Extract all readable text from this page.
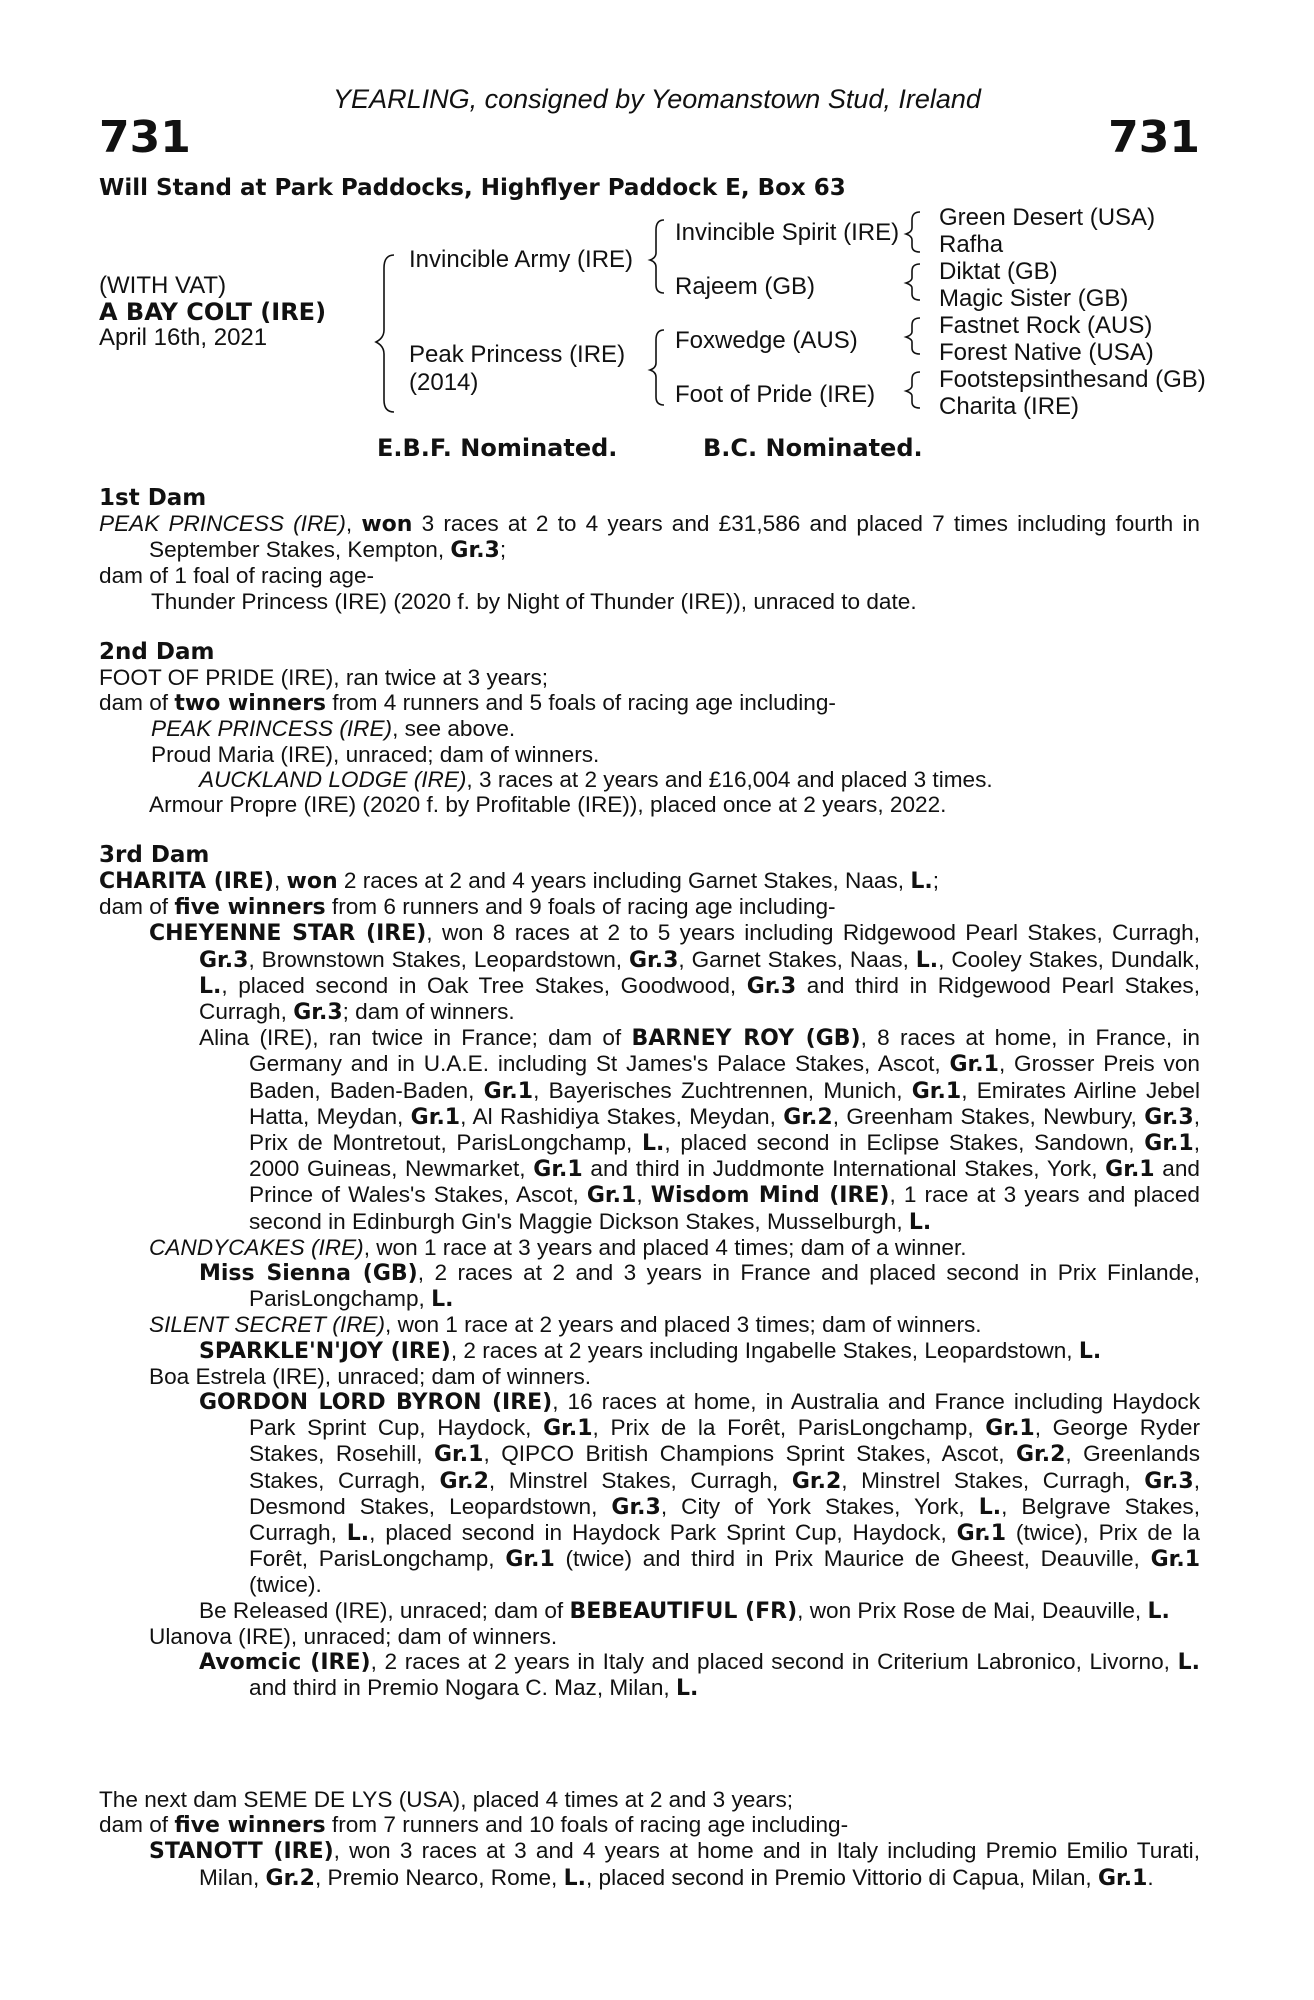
YEARLING, consigned by Yeomanstown Stud, Ireland
731	731
Will Stand at Park Paddocks, Highflyer Paddock E, Box 63
(WITH VAT)
A BAY COLT (IRE)
April 16th, 2021
Invincible Army (IRE)
Peak Princess (IRE)
(2014)
Invincible Spirit (IRE)
Rajeem (GB)
Foxwedge (AUS)
Foot of Pride (IRE)
Green Desert (USA)
Rafha
Diktat (GB)
Magic Sister (GB)
Fastnet Rock (AUS)
Forest Native (USA)
Footstepsinthesand (GB)
Charita (IRE)
E.B.F. Nominated.	B.C. Nominated.
1st Dam

PEAK PRINCESS (IRE), won 3 races at 2 to 4 years and £31,586 and placed 7 times including fourth in September Stakes, Kempton, Gr.3;

dam of 1 foal of racing age-

Thunder Princess (IRE) (2020 f. by Night of Thunder (IRE)), unraced to date.

2nd Dam

FOOT OF PRIDE (IRE), ran twice at 3 years;

dam of two winners from 4 runners and 5 foals of racing age including-

PEAK PRINCESS (IRE), see above.

Proud Maria (IRE), unraced; dam of winners.

AUCKLAND LODGE (IRE), 3 races at 2 years and £16,004 and placed 3 times.

Armour Propre (IRE) (2020 f. by Profitable (IRE)), placed once at 2 years, 2022.

3rd Dam

CHARITA (IRE), won 2 races at 2 and 4 years including Garnet Stakes, Naas, L.;

dam of five winners from 6 runners and 9 foals of racing age including-

CHEYENNE STAR (IRE), won 8 races at 2 to 5 years including Ridgewood Pearl Stakes, Curragh, Gr.3, Brownstown Stakes, Leopardstown, Gr.3, Garnet Stakes, Naas, L., Cooley Stakes, Dundalk, L., placed second in Oak Tree Stakes, Goodwood, Gr.3 and third in Ridgewood Pearl Stakes, Curragh, Gr.3; dam of winners.

Alina (IRE), ran twice in France; dam of BARNEY ROY (GB), 8 races at home, in France, in Germany and in U.A.E. including St James's Palace Stakes, Ascot, Gr.1, Grosser Preis von Baden, Baden-Baden, Gr.1, Bayerisches Zuchtrennen, Munich, Gr.1, Emirates Airline Jebel Hatta, Meydan, Gr.1, Al Rashidiya Stakes, Meydan, Gr.2, Greenham Stakes, Newbury, Gr.3, Prix de Montretout, ParisLongchamp, L., placed second in Eclipse Stakes, Sandown, Gr.1, 2000 Guineas, Newmarket, Gr.1 and third in Juddmonte International Stakes, York, Gr.1 and Prince of Wales's Stakes, Ascot, Gr.1, Wisdom Mind (IRE), 1 race at 3 years and placed second in Edinburgh Gin's Maggie Dickson Stakes, Musselburgh, L.

CANDYCAKES (IRE), won 1 race at 3 years and placed 4 times; dam of a winner.

Miss Sienna (GB), 2 races at 2 and 3 years in France and placed second in Prix Finlande, ParisLongchamp, L.

SILENT SECRET (IRE), won 1 race at 2 years and placed 3 times; dam of winners.

SPARKLE'N'JOY (IRE), 2 races at 2 years including Ingabelle Stakes, Leopardstown, L.

Boa Estrela (IRE), unraced; dam of winners.

GORDON LORD BYRON (IRE), 16 races at home, in Australia and France including Haydock Park Sprint Cup, Haydock, Gr.1, Prix de la Forêt, ParisLongchamp, Gr.1, George Ryder Stakes, Rosehill, Gr.1, QIPCO British Champions Sprint Stakes, Ascot, Gr.2, Greenlands Stakes, Curragh, Gr.2, Minstrel Stakes, Curragh, Gr.2, Minstrel Stakes, Curragh, Gr.3, Desmond Stakes, Leopardstown, Gr.3, City of York Stakes, York, L., Belgrave Stakes, Curragh, L., placed second in Haydock Park Sprint Cup, Haydock, Gr.1 (twice), Prix de la Forêt, ParisLongchamp, Gr.1 (twice) and third in Prix Maurice de Gheest, Deauville, Gr.1 (twice).

Be Released (IRE), unraced; dam of BEBEAUTIFUL (FR), won Prix Rose de Mai, Deauville, L.

Ulanova (IRE), unraced; dam of winners.

Avomcic (IRE), 2 races at 2 years in Italy and placed second in Criterium Labronico, Livorno, L. and third in Premio Nogara C. Maz, Milan, L.

The next dam SEME DE LYS (USA), placed 4 times at 2 and 3 years;

dam of five winners from 7 runners and 10 foals of racing age including-

STANOTT (IRE), won 3 races at 3 and 4 years at home and in Italy including Premio Emilio Turati, Milan, Gr.2, Premio Nearco, Rome, L., placed second in Premio Vittorio di Capua, Milan, Gr.1.
